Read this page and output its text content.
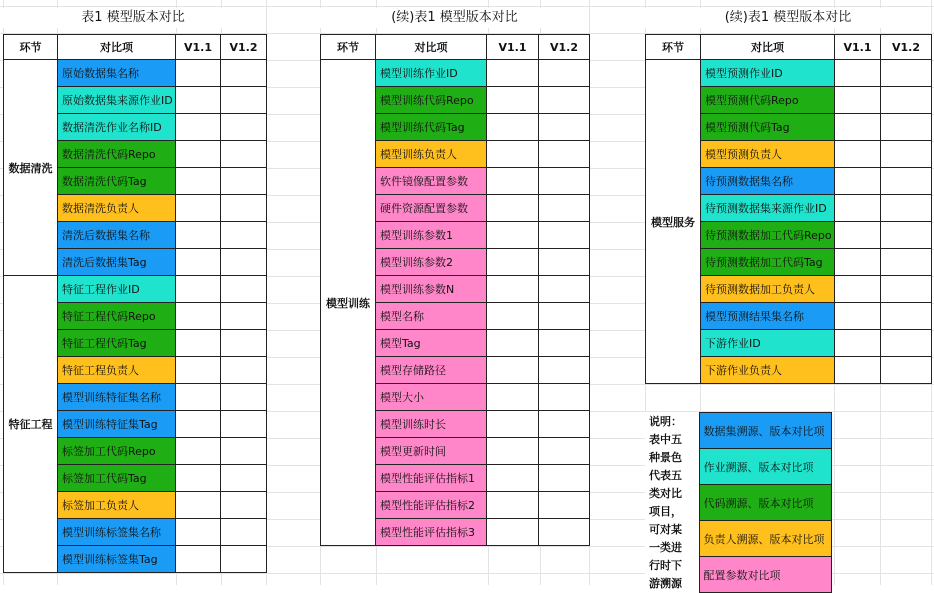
表1 模型版本对比
环节	对比项	V1.1	V1.2
数据清洗	原始数据集名称		
	原始数据集来源作业ID		
	数据清洗作业名称ID		
	数据清洗代码Repo		
	数据清洗代码Tag		
	数据清洗负责人		
	清洗后数据集名称		
	清洗后数据集Tag		
特征工程	特征工程作业ID		
	特征工程代码Repo		
	特征工程代码Tag		
	特征工程负责人		
	模型训练特征集名称		
	模型训练特征集Tag		
	标签加工代码Repo		
	标签加工代码Tag		
	标签加工负责人		
	模型训练标签集名称		
	模型训练标签集Tag		
(续)表1 模型版本对比
环节	对比项	V1.1	V1.2
模型训练	模型训练作业ID		
	模型训练代码Repo		
	模型训练代码Tag		
	模型训练负责人		
	软件镜像配置参数		
	硬件资源配置参数		
	模型训练参数1		
	模型训练参数2		
	模型训练参数N		
	模型名称		
	模型Tag		
	模型存储路径		
	模型大小		
	模型训练时长		
	模型更新时间		
	模型性能评估指标1		
	模型性能评估指标2		
	模型性能评估指标3		
(续)表1 模型版本对比
环节	对比项	V1.1	V1.2
模型服务	模型预测作业ID		
	模型预测代码Repo		
	模型预测代码Tag		
	模型预测负责人		
	待预测数据集名称		
	待预测数据集来源作业ID		
	待预测数据加工代码Repo		
	待预测数据加工代码Tag		
	待预测数据加工负责人		
	模型预测结果集名称		
	下游作业ID		
	下游作业负责人		
说明：表中五种景色代表五类对比项目，可对某一类进行时下游溯源	数据集溯源、版本对比项
作业溯源、版本对比项
代码溯源、版本对比项
负责人溯源、版本对比项
配置参数对比项
